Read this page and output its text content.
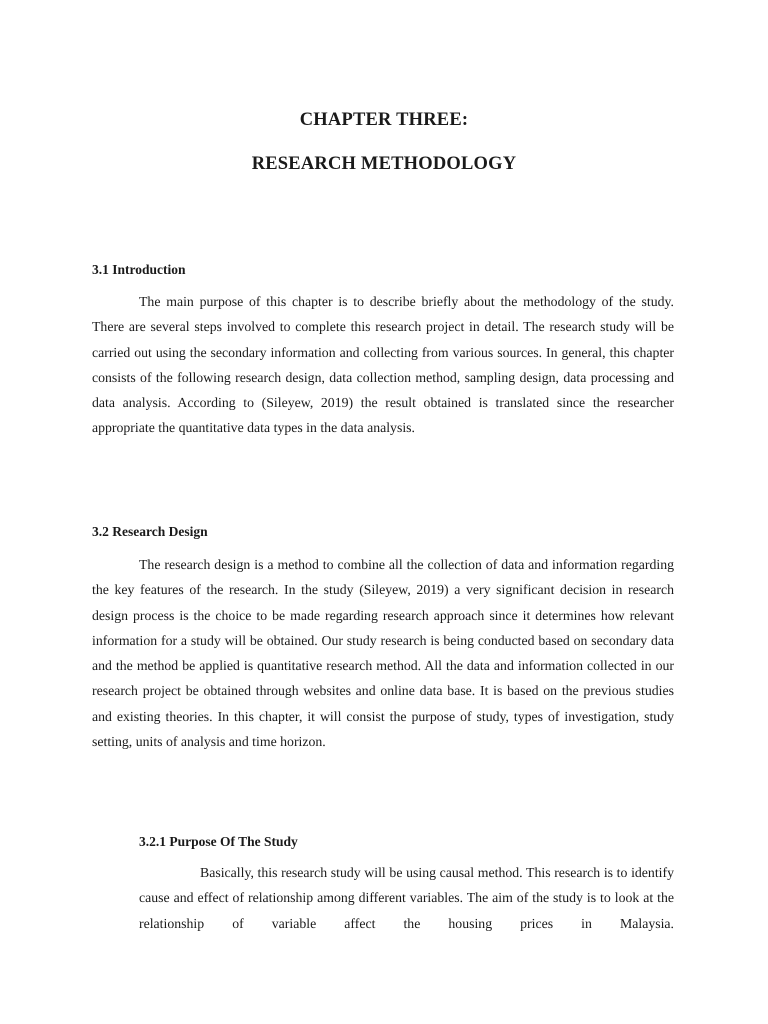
CHAPTER THREE:
RESEARCH METHODOLOGY
3.1 Introduction

The main purpose of this chapter is to describe briefly about the methodology of the study. There are several steps involved to complete this research project in detail. The research study will be carried out using the secondary information and collecting from various sources. In general, this chapter consists of the following research design, data collection method, sampling design, data processing and data analysis. According to (Sileyew, 2019) the result obtained is translated since the researcher appropriate the quantitative data types in the data analysis.

3.2 Research Design

The research design is a method to combine all the collection of data and information regarding the key features of the research. In the study (Sileyew, 2019) a very significant decision in research design process is the choice to be made regarding research approach since it determines how relevant information for a study will be obtained. Our study research is being conducted based on secondary data and the method be applied is quantitative research method. All the data and information collected in our research project be obtained through websites and online data base. It is based on the previous studies and existing theories. In this chapter, it will consist the purpose of study, types of investigation, study setting, units of analysis and time horizon.

3.2.1 Purpose Of The Study

Basically, this research study will be using causal method. This research is to identify cause and effect of relationship among different variables. The aim of the study is to look at the relationship of variable affect the housing prices in Malaysia.
